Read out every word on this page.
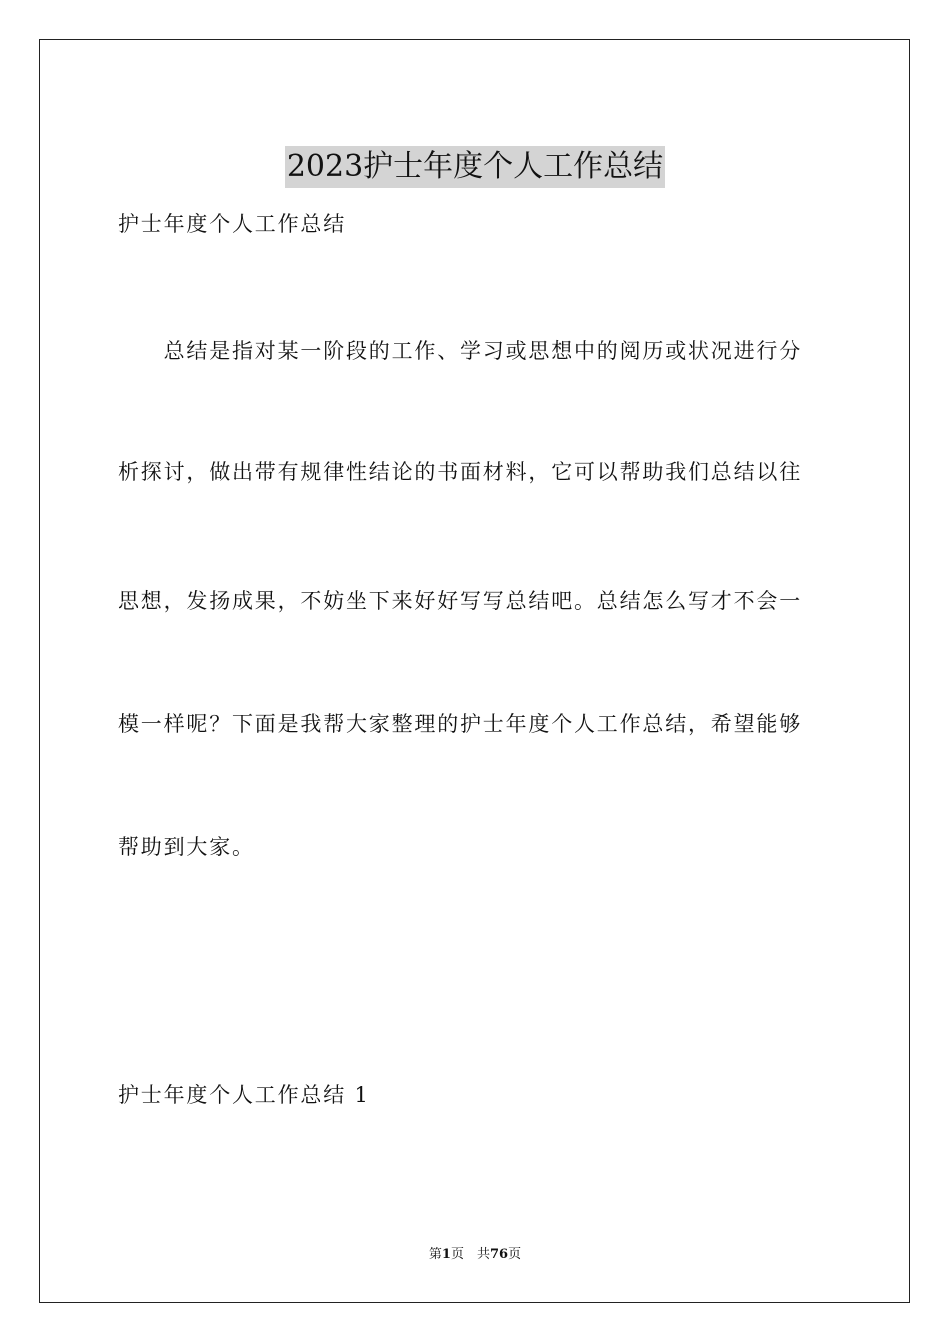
2023护士年度个人工作总结
护士年度个人工作总结
　　总结是指对某一阶段的工作、学习或思想中的阅历或状况进行分
析探讨，做出带有规律性结论的书面材料，它可以帮助我们总结以往
思想，发扬成果，不妨坐下来好好写写总结吧。总结怎么写才不会一
模一样呢？下面是我帮大家整理的护士年度个人工作总结，希望能够
帮助到大家。
护士年度个人工作总结 1
第1页　共76页
